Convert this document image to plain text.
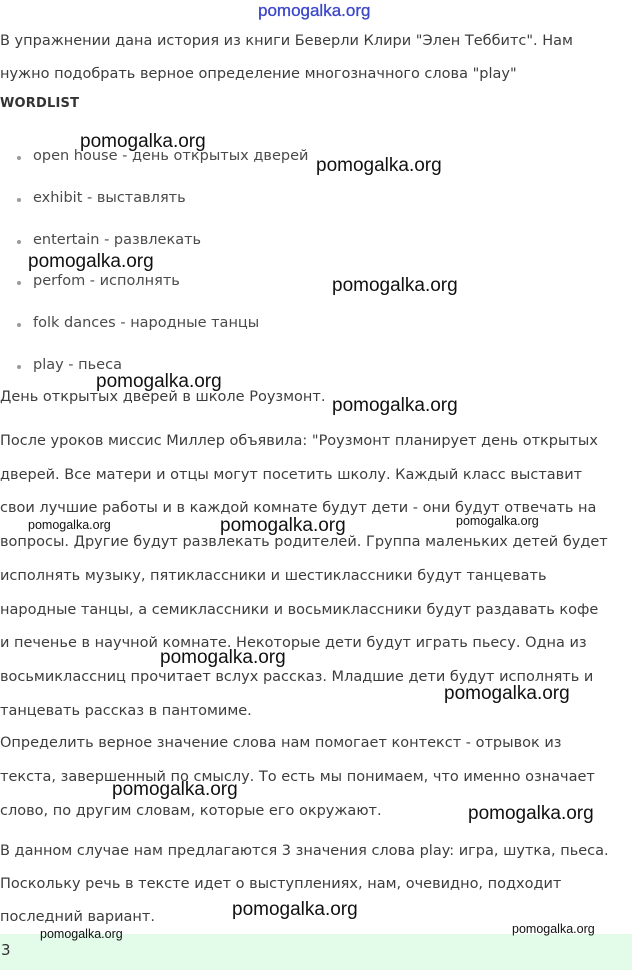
pomogalka.org
В упражнении дана история из книги Беверли Клири "Элен Теббитс". Нам
нужно подобрать верное определение многозначного слова "play"
WORDLIST
open house - день открытых дверей
exhibit - выставлять
entertain - развлекать
perfom - исполнять
folk dances - народные танцы
play - пьеса
День открытых дверей в школе Роузмонт.
После уроков миссис Миллер объявила: "Роузмонт планирует день открытых
дверей. Все матери и отцы могут посетить школу. Каждый класс выставит
свои лучшие работы и в каждой комнате будут дети - они будут отвечать на
вопросы. Другие будут развлекать родителей. Группа маленьких детей будет
исполнять музыку, пятиклассники и шестиклассники будут танцевать
народные танцы, а семиклассники и восьмиклассники будут раздавать кофе
и печенье в научной комнате. Некоторые дети будут играть пьесу. Одна из
восьмиклассниц прочитает вслух рассказ. Младшие дети будут исполнять и
танцевать рассказ в пантомиме.
Определить верное значение слова нам помогает контекст - отрывок из
текста, завершенный по смыслу. То есть мы понимаем, что именно означает
слово, по другим словам, которые его окружают.
В данном случае нам предлагаются 3 значения слова play: игра, шутка, пьеса.
Поскольку речь в тексте идет о выступлениях, нам, очевидно, подходит
последний вариант.
3
pomogalka.org
pomogalka.org
pomogalka.org
pomogalka.org
pomogalka.org
pomogalka.org
pomogalka.org	pomogalka.org	pomogalka.org
pomogalka.org
pomogalka.org
pomogalka.org
pomogalka.org
pomogalka.org
pomogalka.org	pomogalka.org
